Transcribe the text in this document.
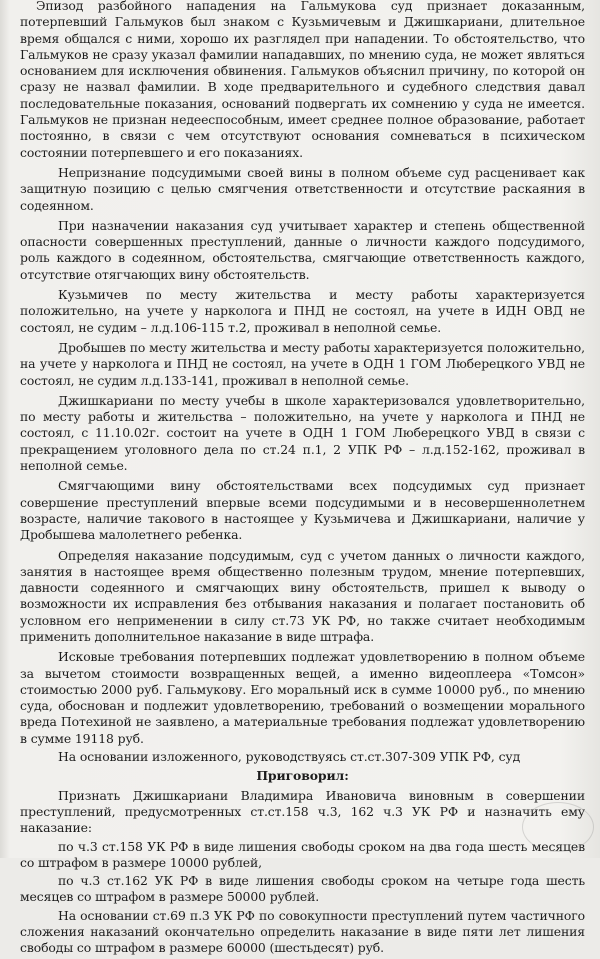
Эпизод разбойного нападения на Гальмукова суд признает доказанным, потерпевший Гальмуков был знаком с Кузьмичевым и Джишкариани, длительное время общался с ними, хорошо их разглядел при нападении. То обстоятельство, что Гальмуков не сразу указал фамилии нападавших, по мнению суда, не может являться основанием для исключения обвинения. Гальмуков объяснил причину, по которой он сразу не назвал фамилии. В ходе предварительного и судебного следствия давал последовательные показания, оснований подвергать их сомнению у суда не имеется. Гальмуков не признан недееспособным, имеет среднее полное образование, работает постоянно, в связи с чем отсутствуют основания сомневаться в психическом состоянии потерпевшего и его показаниях.

Непризнание подсудимыми своей вины в полном объеме суд расценивает как защитную позицию с целью смягчения ответственности и отсутствие раскаяния в содеянном.

При назначении наказания суд учитывает характер и степень общественной опасности совершенных преступлений, данные о личности каждого подсудимого, роль каждого в содеянном, обстоятельства, смягчающие ответственность каждого, отсутствие отягчающих вину обстоятельств.

Кузьмичев по месту жительства и месту работы характеризуется положительно, на учете у нарколога и ПНД не состоял, на учете в ИДН ОВД не состоял, не судим – л.д.106-115 т.2, проживал в неполной семье.

Дробышев по месту жительства и месту работы характеризуется положительно, на учете у нарколога и ПНД не состоял, на учете в ОДН 1 ГОМ Люберецкого УВД не состоял, не судим л.д.133-141, проживал в неполной семье.

Джишкариани по месту учебы в школе характеризовался удовлетворительно, по месту работы и жительства – положительно, на учете у нарколога и ПНД не состоял, с 11.10.02г. состоит на учете в ОДН 1 ГОМ Люберецкого УВД в связи с прекращением уголовного дела по ст.24 п.1, 2 УПК РФ – л.д.152-162, проживал в неполной семье.

Смягчающими вину обстоятельствами всех подсудимых суд признает совершение преступлений впервые всеми подсудимыми и в несовершеннолетнем возрасте, наличие такового в настоящее у Кузьмичева и Джишкариани, наличие у Дробышева малолетнего ребенка.

Определяя наказание подсудимым, суд с учетом данных о личности каждого, занятия в настоящее время общественно полезным трудом, мнение потерпевших, давности содеянного и смягчающих вину обстоятельств, пришел к выводу о возможности их исправления без отбывания наказания и полагает постановить об условном его неприменении в силу ст.73 УК РФ, но также считает необходимым применить дополнительное наказание в виде штрафа.

Исковые требования потерпевших подлежат удовлетворению в полном объеме за вычетом стоимости возвращенных вещей, а именно видеоплеера «Томсон» стоимостью 2000 руб. Гальмукову. Его моральный иск в сумме 10000 руб., по мнению суда, обоснован и подлежит удовлетворению, требований о возмещении морального вреда Потехиной не заявлено, а материальные требования подлежат удовлетворению в сумме 19118 руб.

На основании изложенного, руководствуясь ст.ст.307-309 УПК РФ, суд

Приговорил:

Признать Джишкариани Владимира Ивановича виновным в совершении преступлений, предусмотренных ст.ст.158 ч.3, 162 ч.3 УК РФ и назначить ему наказание:

по ч.3 ст.158 УК РФ в виде лишения свободы сроком на два года шесть месяцев со штрафом в размере 10000 рублей,

по ч.3 ст.162 УК РФ в виде лишения свободы сроком на четыре года шесть месяцев со штрафом в размере 50000 рублей.

На основании ст.69 п.3 УК РФ по совокупности преступлений путем частичного сложения наказаний окончательно определить наказание в виде пяти лет лишения свободы со штрафом в размере 60000 (шестьдесят) руб.
